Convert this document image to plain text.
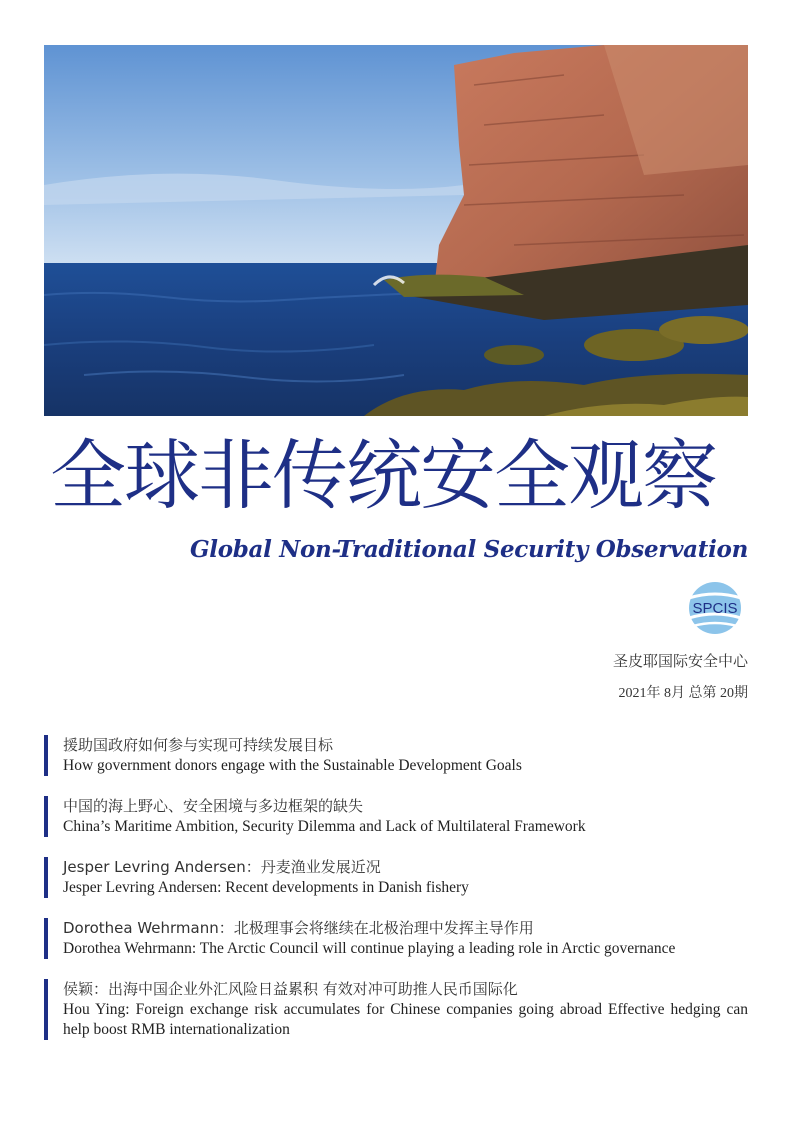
全球非传统安全观察
Global Non-Traditional Security Observation
SPCIS
圣皮耶国际安全中心
2021年 8月 总第 20期
援助国政府如何参与实现可持续发展目标
How government donors engage with the Sustainable Development Goals
中国的海上野心、安全困境与多边框架的缺失
China’s Maritime Ambition, Security Dilemma and Lack of Multilateral Framework
Jesper Levring Andersen：丹麦渔业发展近况
Jesper Levring Andersen: Recent developments in Danish fishery
Dorothea Wehrmann：北极理事会将继续在北极治理中发挥主导作用
Dorothea Wehrmann: The Arctic Council will continue playing a leading role in Arctic governance
侯颖：出海中国企业外汇风险日益累积 有效对冲可助推人民币国际化
Hou Ying: Foreign exchange risk accumulates for Chinese companies going abroad Effective hedging can help boost RMB internationalization
